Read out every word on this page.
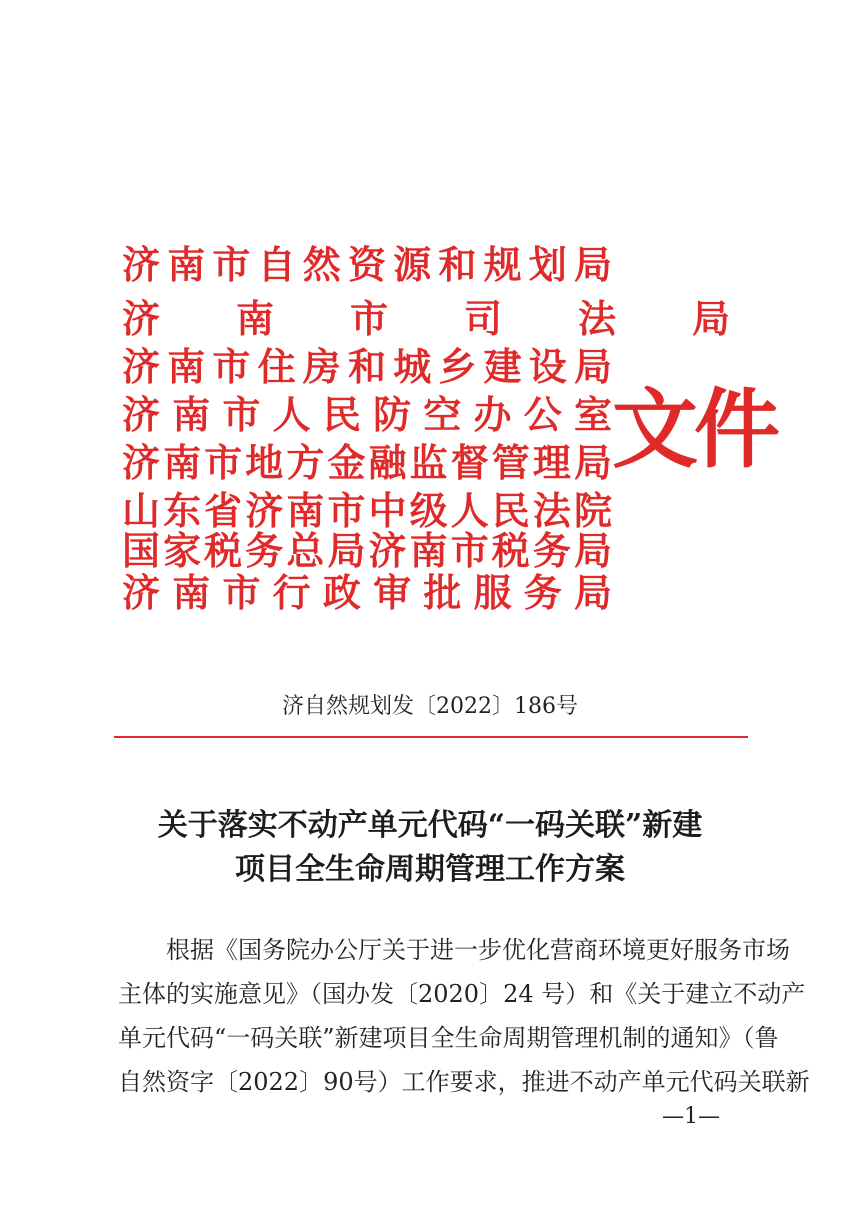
济南市自然资源和规划局
济　　南　　市　　司　　法　　局
济南市住房和城乡建设局
济南市人民防空办公室
济南市地方金融监督管理局
山东省济南市中级人民法院
国家税务总局济南市税务局
济南市行政审批服务局
文件
济自然规划发〔2022〕186号
关于落实不动产单元代码“一码关联”新建
项目全生命周期管理工作方案
　　根据《国务院办公厅关于进一步优化营商环境更好服务市场
主体的实施意见》（国办发〔2020〕24 号）和《关于建立不动产
单元代码“一码关联”新建项目全生命周期管理机制的通知》（鲁
自然资字〔2022〕90号）工作要求，推进不动产单元代码关联新
—1—
